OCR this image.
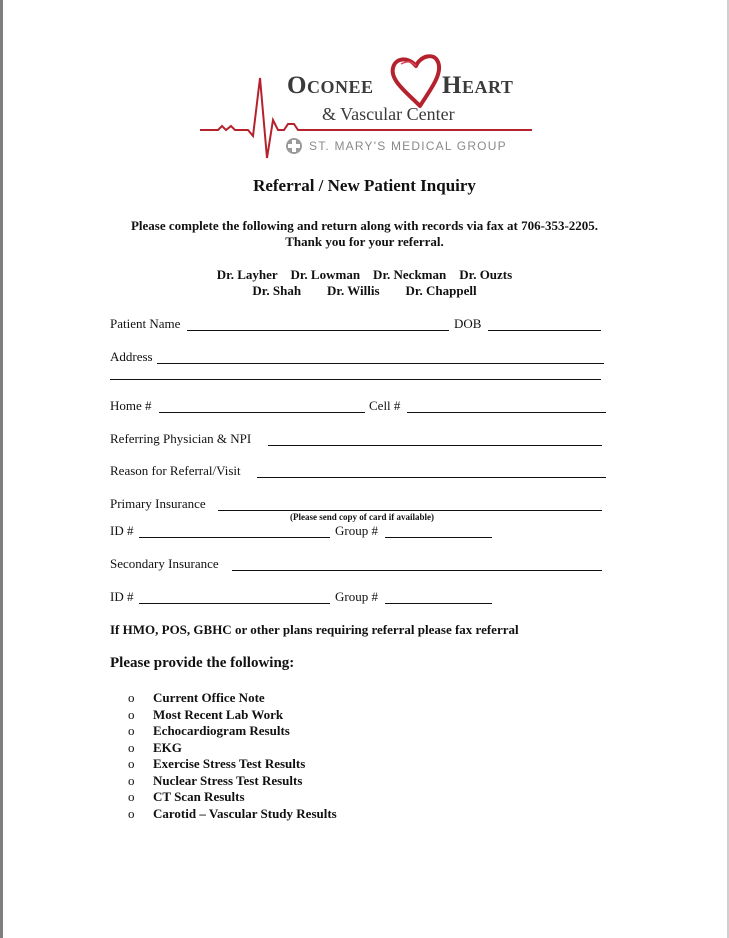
Oconee	Heart
& Vascular Center
ST. MARY'S MEDICAL GROUP
Referral / New Patient Inquiry
Please complete the following and return along with records via fax at 706-353-2205.
Thank you for your referral.
Dr. Layher    Dr. Lowman    Dr. Neckman    Dr. Ouzts
Dr. Shah        Dr. Willis        Dr. Chappell
Patient Name	DOB
Address
Home #	Cell #
Referring Physician & NPI
Reason for Referral/Visit
Primary Insurance
(Please send copy of card if available)
ID #	Group #
Secondary Insurance
ID #	Group #
If HMO, POS, GBHC or other plans requiring referral please fax referral
Please provide the following:
o Current Office Note
o Most Recent Lab Work
o Echocardiogram Results
o EKG
o Exercise Stress Test Results
o Nuclear Stress Test Results
o CT Scan Results
o Carotid – Vascular Study Results
